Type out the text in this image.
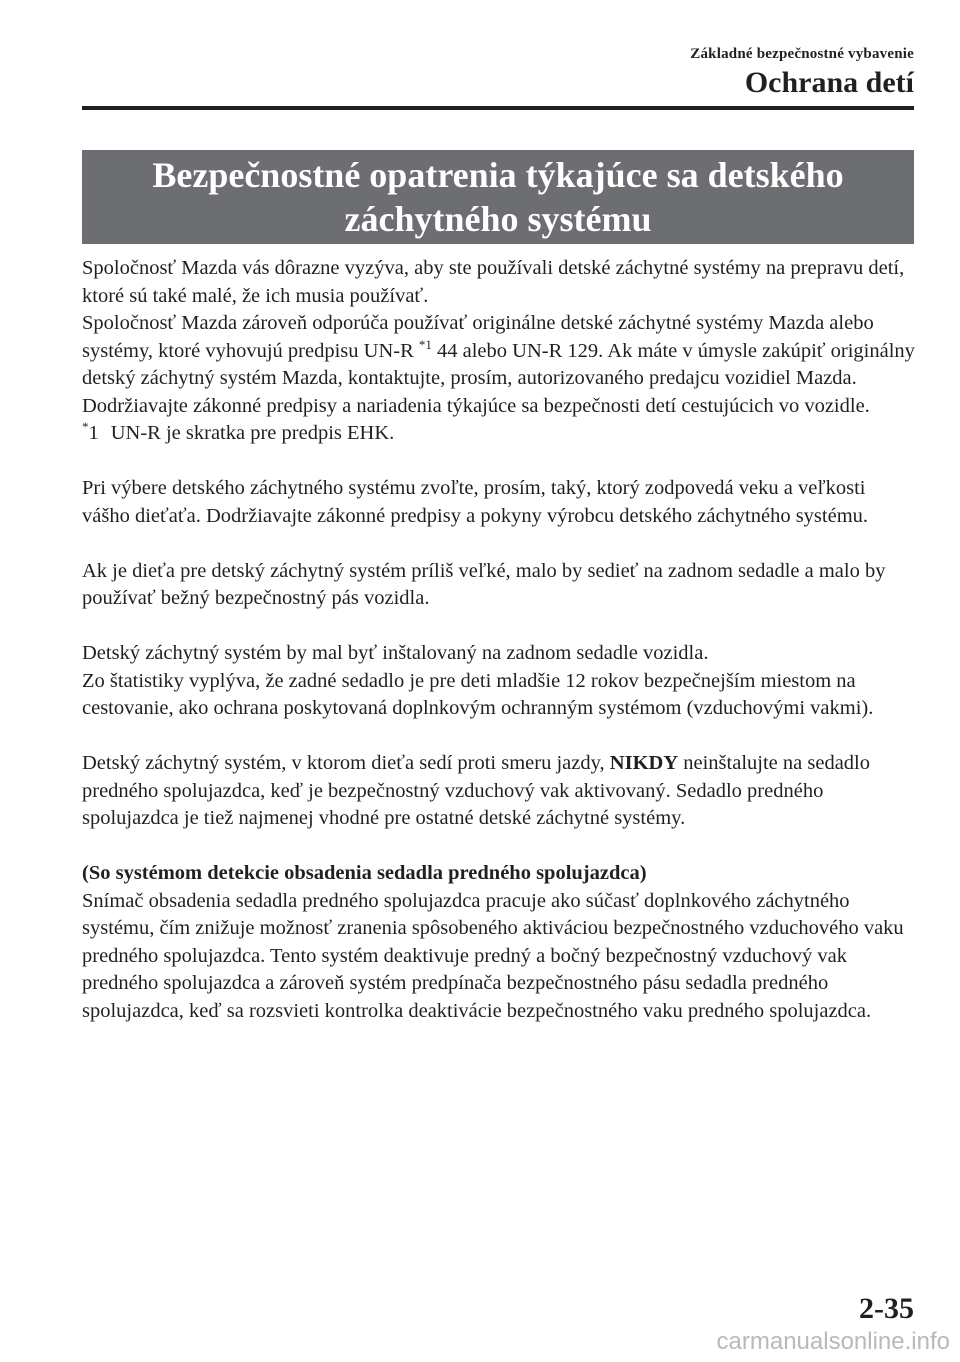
Základné bezpečnostné vybavenie
Ochrana detí
Bezpečnostné opatrenia týkajúce sa detského záchytného systému

Spoločnosť Mazda vás dôrazne vyzýva, aby ste používali detské záchytné systémy na prepravu detí, ktoré sú také malé, že ich musia používať.

Spoločnosť Mazda zároveň odporúča používať originálne detské záchytné systémy Mazda alebo systémy, ktoré vyhovujú predpisu UN-R $^{*1}$ 44 alebo UN-R 129. Ak máte v úmysle zakúpiť originálny detský záchytný systém Mazda, kontaktujte, prosím, autorizovaného predajcu vozidiel Mazda.

Dodržiavajte zákonné predpisy a nariadenia týkajúce sa bezpečnosti detí cestujúcich vo vozidle.

*1 UN-R je skratka pre predpis EHK.

Pri výbere detského záchytného systému zvoľte, prosím, taký, ktorý zodpovedá veku a veľkosti vášho dieťaťa. Dodržiavajte zákonné predpisy a pokyny výrobcu detského záchytného systému.

Ak je dieťa pre detský záchytný systém príliš veľké, malo by sedieť na zadnom sedadle a malo by používať bežný bezpečnostný pás vozidla.

Detský záchytný systém by mal byť inštalovaný na zadnom sedadle vozidla.

Zo štatistiky vyplýva, že zadné sedadlo je pre deti mladšie 12 rokov bezpečnejším miestom na cestovanie, ako ochrana poskytovaná doplnkovým ochranným systémom (vzduchovými vakmi).

Detský záchytný systém, v ktorom dieťa sedí proti smeru jazdy, NIKDY neinštalujte na sedadlo predného spolujazdca, keď je bezpečnostný vzduchový vak aktivovaný. Sedadlo predného spolujazdca je tiež najmenej vhodné pre ostatné detské záchytné systémy.

(So systémom detekcie obsadenia sedadla predného spolujazdca)

Snímač obsadenia sedadla predného spolujazdca pracuje ako súčasť doplnkového záchytného systému, čím znižuje možnosť zranenia spôsobeného aktiváciou bezpečnostného vzduchového vaku predného spolujazdca. Tento systém deaktivuje predný a bočný bezpečnostný vzduchový vak predného spolujazdca a zároveň systém predpínača bezpečnostného pásu sedadla predného spolujazdca, keď sa rozsvieti kontrolka deaktivácie bezpečnostného vaku predného spolujazdca.

2-35
carmanualsonline.info
